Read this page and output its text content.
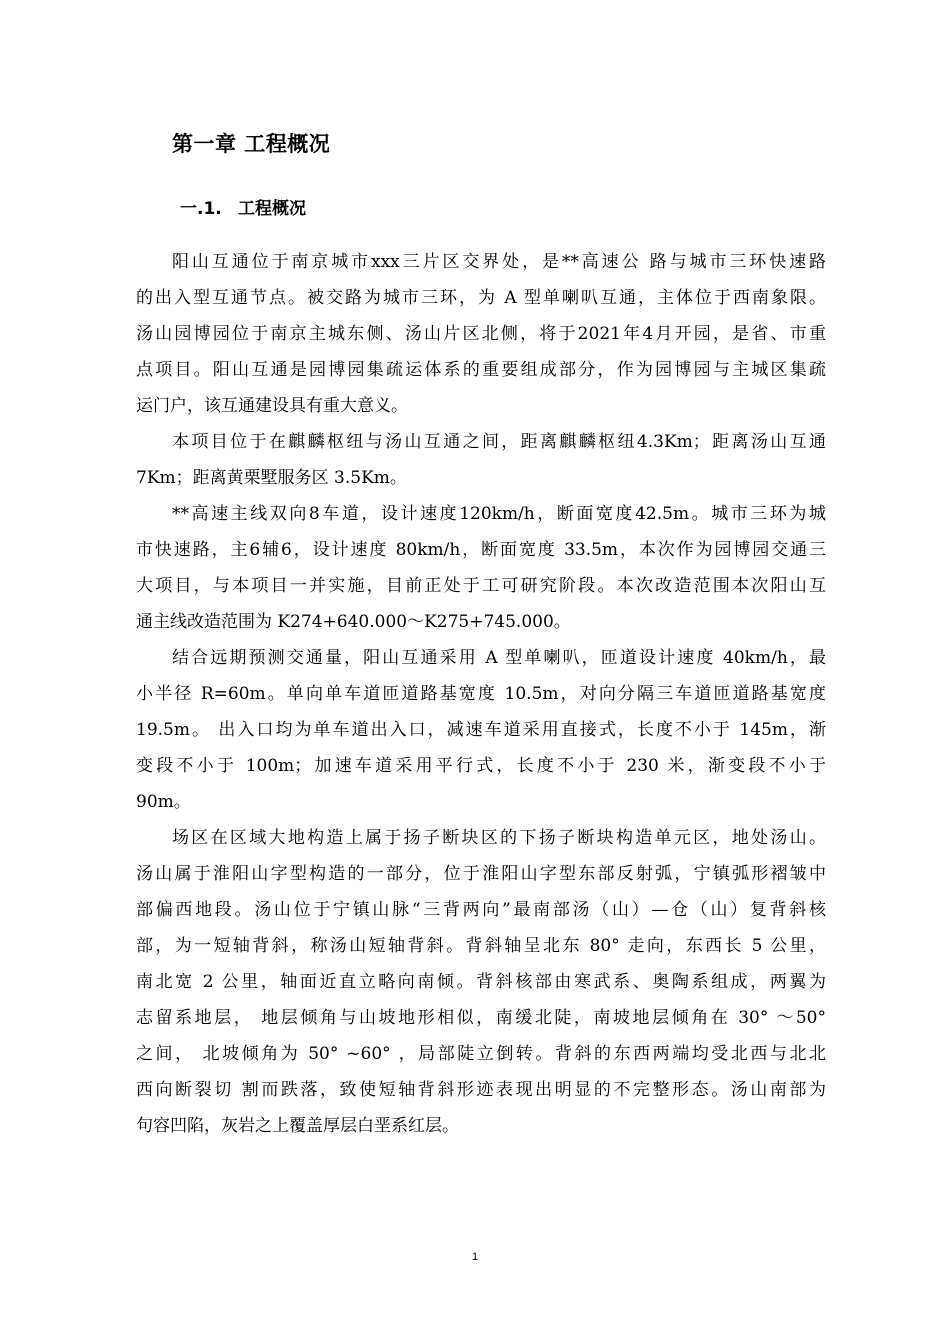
第一章 工程概况
一.1. 工程概况
阳山互通位于南京城市xxx三片区交界处，是**高速公 路与城市三环快速路
的出入型互通节点。被交路为城市三环，为 A 型单喇叭互通，主体位于西南象限。
汤山园博园位于南京主城东侧、汤山片区北侧，将于2021年4月开园，是省、市重
点项目。阳山互通是园博园集疏运体系的重要组成部分，作为园博园与主城区集疏
运门户，该互通建设具有重大意义。
本项目位于在麒麟枢纽与汤山互通之间，距离麒麟枢纽4.3Km；距离汤山互通
7Km；距离黄栗墅服务区 3.5Km。
**高速主线双向8车道，设计速度120km/h，断面宽度42.5m。城市三环为城
市快速路，主6辅6，设计速度 80km/h，断面宽度 33.5m，本次作为园博园交通三
大项目，与本项目一并实施，目前正处于工可研究阶段。本次改造范围本次阳山互
通主线改造范围为 K274+640.000～K275+745.000。
结合远期预测交通量，阳山互通采用 A 型单喇叭，匝道设计速度 40km/h，最
小半径 R=60m。单向单车道匝道路基宽度 10.5m，对向分隔三车道匝道路基宽度
19.5m。 出入口均为单车道出入口，减速车道采用直接式，长度不小于 145m，渐
变段不小于 100m；加速车道采用平行式，长度不小于 230 米，渐变段不小于
90m。
场区在区域大地构造上属于扬子断块区的下扬子断块构造单元区，地处汤山。
汤山属于淮阳山字型构造的一部分，位于淮阳山字型东部反射弧，宁镇弧形褶皱中
部偏西地段。汤山位于宁镇山脉“三背两向”最南部汤（山）—仓（山）复背斜核
部，为一短轴背斜，称汤山短轴背斜。背斜轴呈北东 80° 走向，东西长 5 公里，
南北宽 2 公里，轴面近直立略向南倾。背斜核部由寒武系、奥陶系组成，两翼为
志留系地层， 地层倾角与山坡地形相似，南缓北陡，南坡地层倾角在 30° ～50°
之间， 北坡倾角为 50° ~60° ，局部陡立倒转。背斜的东西两端均受北西与北北
西向断裂切 割而跌落，致使短轴背斜形迹表现出明显的不完整形态。汤山南部为
句容凹陷，灰岩之上覆盖厚层白垩系红层。
1
